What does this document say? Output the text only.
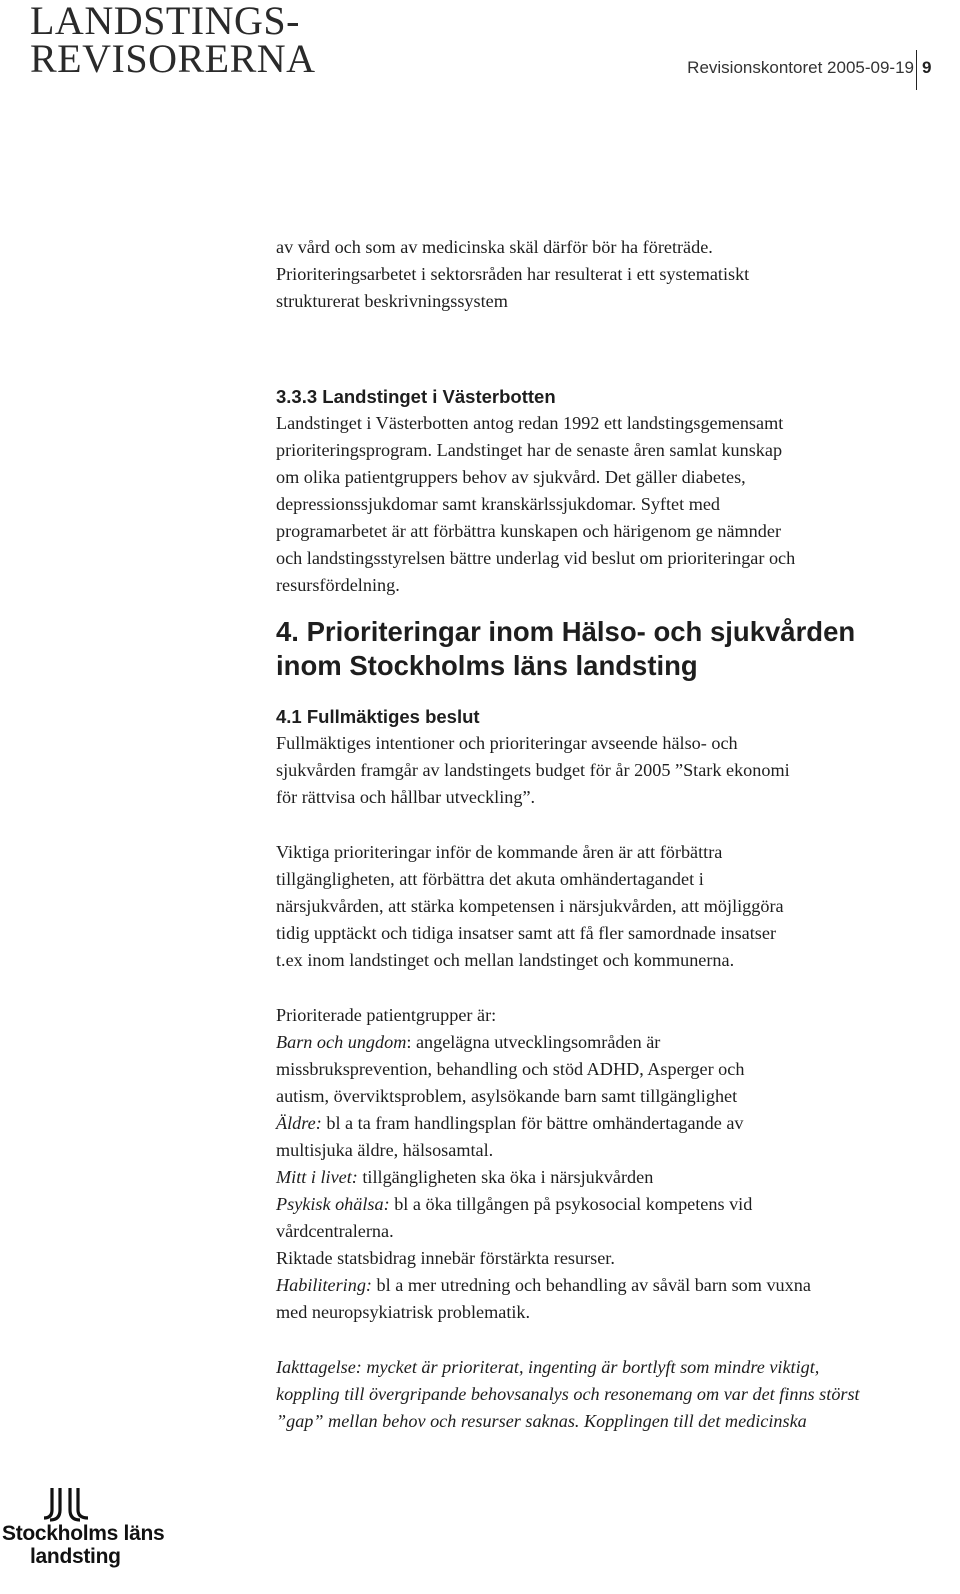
LANDSTINGS-
REVISORERNA	Revisionskontoret 2005-09-19 9

av vård och som av medicinska skäl därför bör ha företräde.

Prioriteringsarbetet i sektorsråden har resulterat i ett systematiskt

strukturerat beskrivningssystem

3.3.3 Landstinget i Västerbotten

Landstinget i Västerbotten antog redan 1992 ett landstingsgemensamt

prioriteringsprogram. Landstinget har de senaste åren samlat kunskap

om olika patientgruppers behov av sjukvård. Det gäller diabetes,

depressionssjukdomar samt kranskärlssjukdomar. Syftet med

programarbetet är att förbättra kunskapen och härigenom ge nämnder

och landstingsstyrelsen bättre underlag vid beslut om prioriteringar och

resursfördelning.

4. Prioriteringar inom Hälso- och sjukvården

inom Stockholms läns landsting

4.1 Fullmäktiges beslut

Fullmäktiges intentioner och prioriteringar avseende hälso- och

sjukvården framgår av landstingets budget för år 2005 ”Stark ekonomi

för rättvisa och hållbar utveckling”.

Viktiga prioriteringar inför de kommande åren är att förbättra

tillgängligheten, att förbättra det akuta omhändertagandet i

närsjukvården, att stärka kompetensen i närsjukvården, att möjliggöra

tidig upptäckt och tidiga insatser samt att få fler samordnade insatser

t.ex inom landstinget och mellan landstinget och kommunerna.

Prioriterade patientgrupper är:

Barn och ungdom: angelägna utvecklingsområden är

missbruksprevention, behandling och stöd ADHD, Asperger och

autism, överviktsproblem, asylsökande barn samt tillgänglighet

Äldre: bl a ta fram handlingsplan för bättre omhändertagande av

multisjuka äldre, hälsosamtal.

Mitt i livet: tillgängligheten ska öka i närsjukvården

Psykisk ohälsa: bl a öka tillgången på psykosocial kompetens vid

vårdcentralerna.

Riktade statsbidrag innebär förstärkta resurser.

Habilitering: bl a mer utredning och behandling av såväl barn som vuxna

med neuropsykiatrisk problematik.

Iakttagelse: mycket är prioriterat, ingenting är bortlyft som mindre viktigt,

koppling till övergripande behovsanalys och resonemang om var det finns störst

”gap” mellan behov och resurser saknas. Kopplingen till det medicinska

Stockholms läns
landsting
